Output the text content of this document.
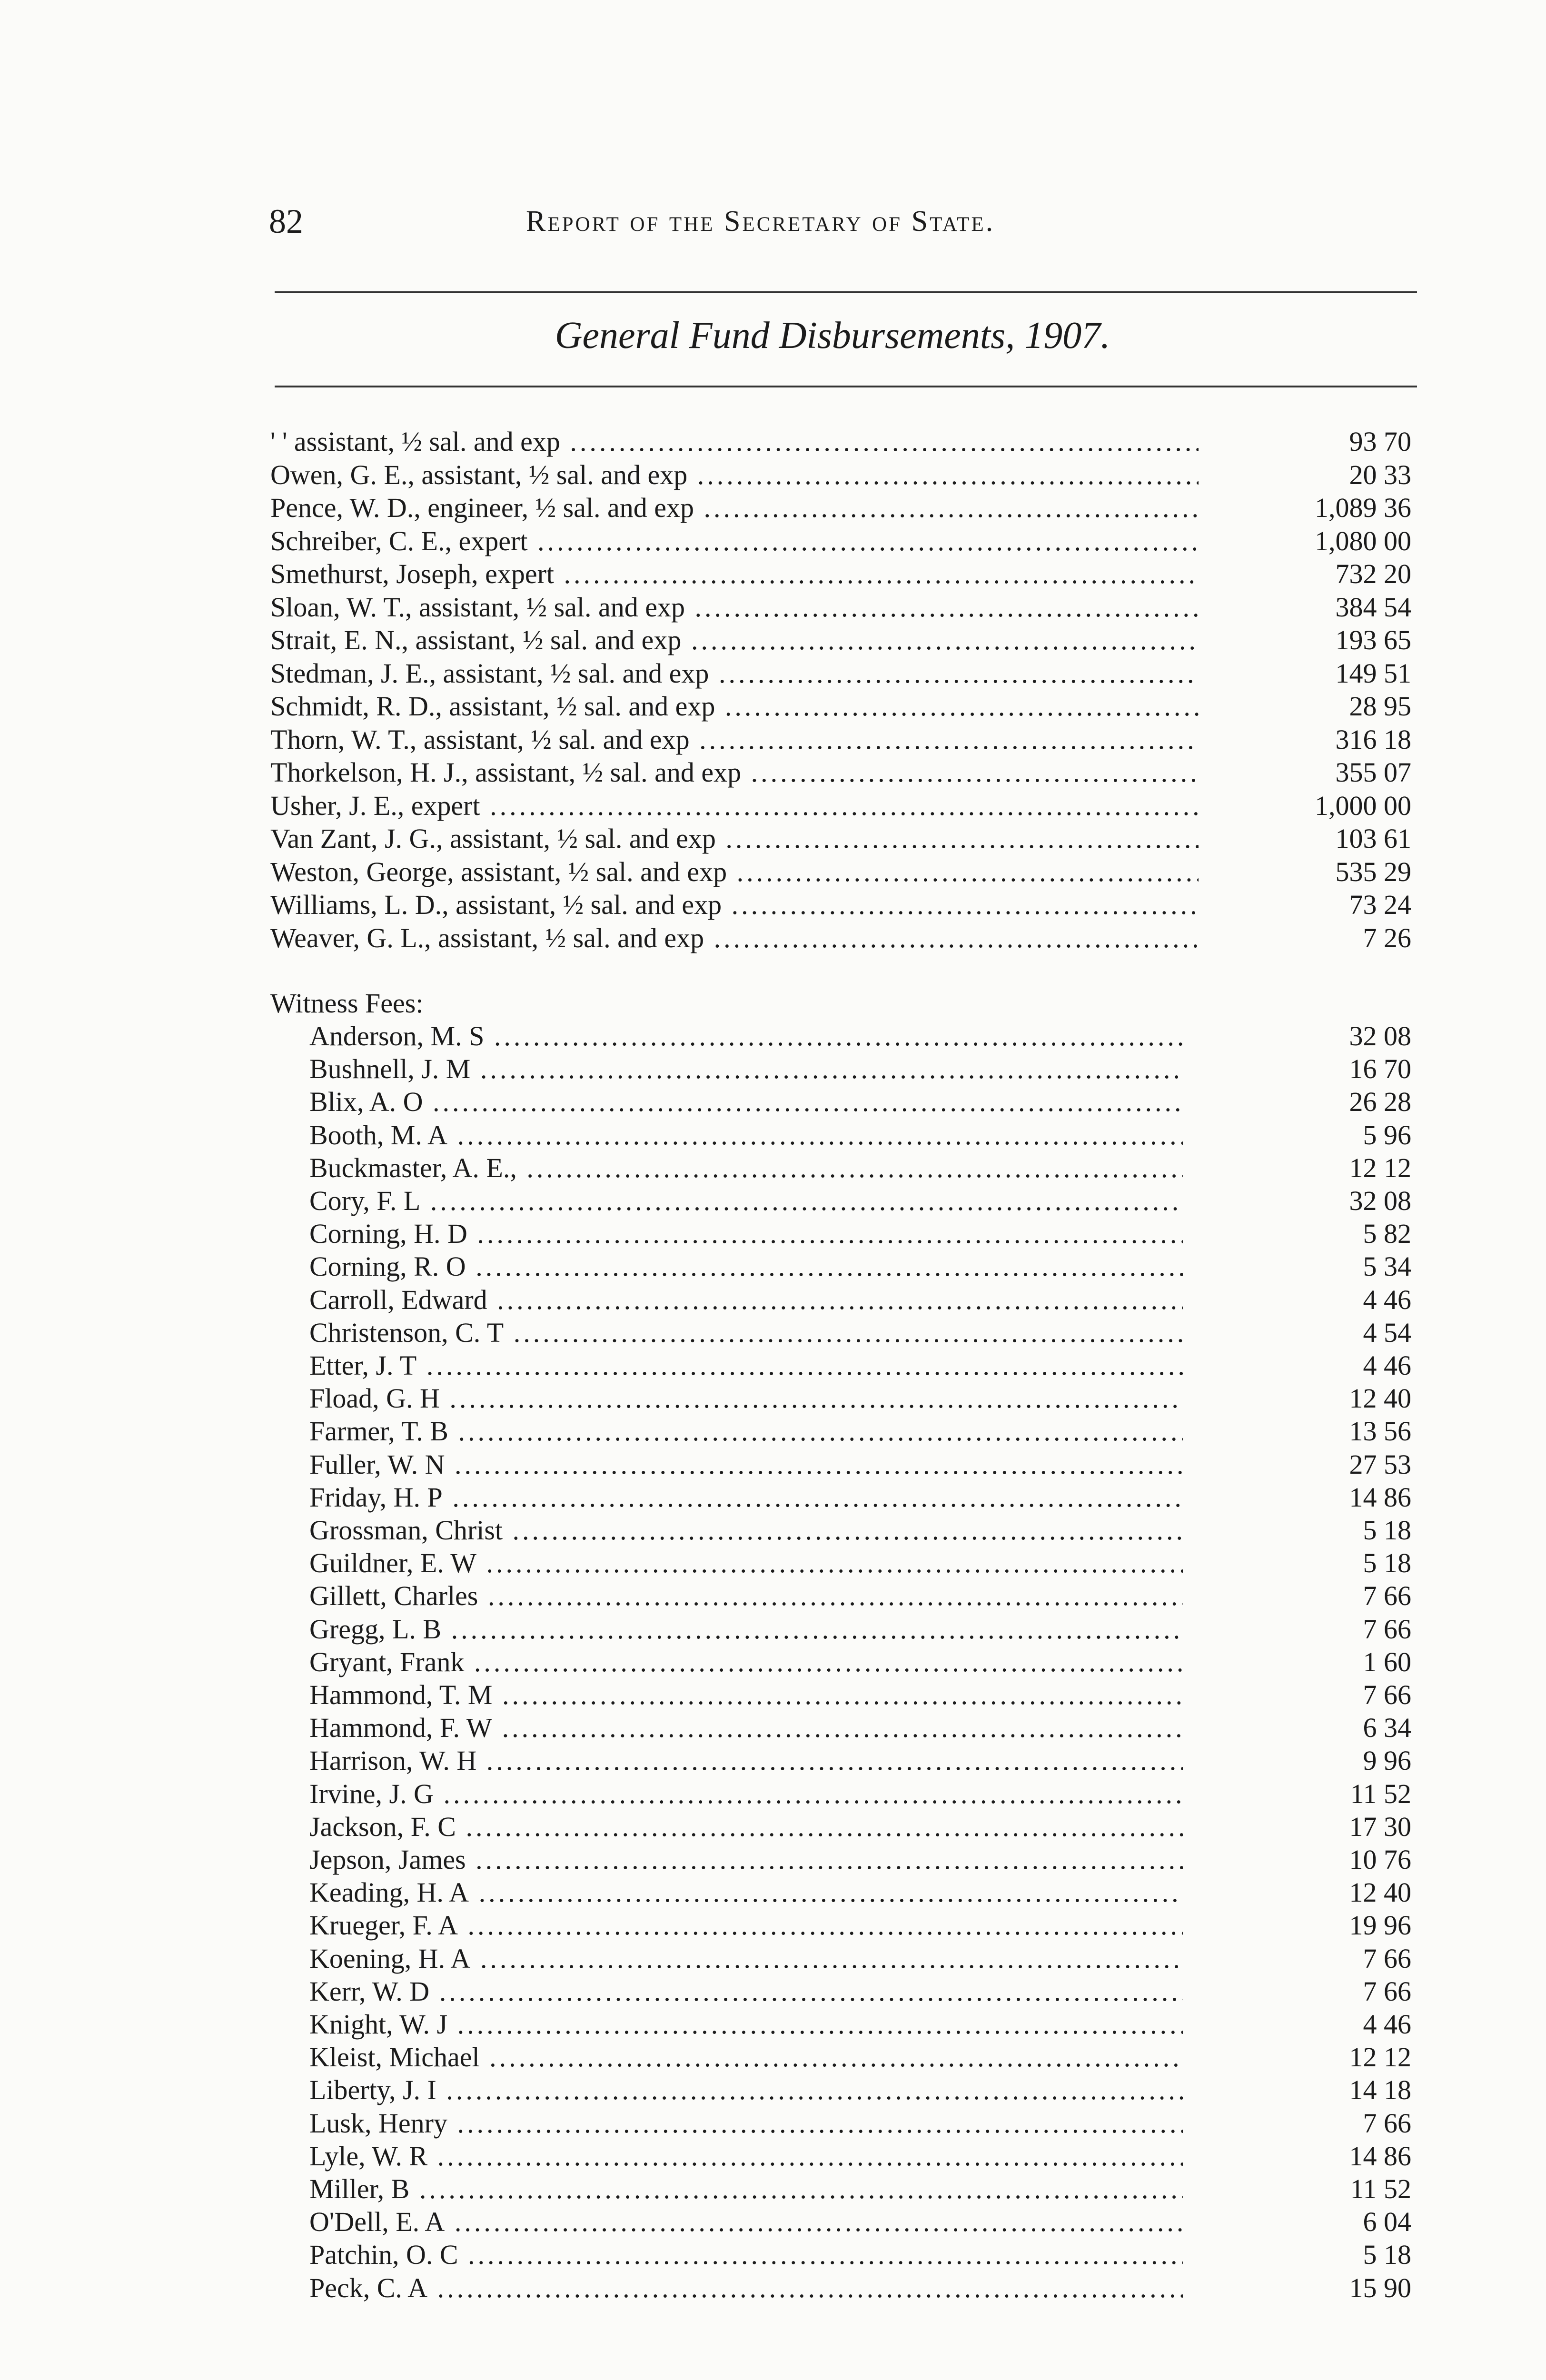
82	Report of the Secretary of State.
General Fund Disbursements, 1907.
' ' assistant, ½ sal. and exp .....	93 70
Owen, G. E., assistant, ½ sal. and exp .....	20 33
Pence, W. D., engineer, ½ sal. and exp .....	1,089 36
Schreiber, C. E., expert .....	1,080 00
Smethurst, Joseph, expert .....	732 20
Sloan, W. T., assistant, ½ sal. and exp .....	384 54
Strait, E. N., assistant, ½ sal. and exp .....	193 65
Stedman, J. E., assistant, ½ sal. and exp .....	149 51
Schmidt, R. D., assistant, ½ sal. and exp .....	28 95
Thorn, W. T., assistant, ½ sal. and exp .....	316 18
Thorkelson, H. J., assistant, ½ sal. and exp .....	355 07
Usher, J. E., expert .....	1,000 00
Van Zant, J. G., assistant, ½ sal. and exp .....	103 61
Weston, George, assistant, ½ sal. and exp .....	535 29
Williams, L. D., assistant, ½ sal. and exp .....	73 24
Weaver, G. L., assistant, ½ sal. and exp .....	7 26
Witness Fees:
Anderson, M. S .....	32 08
Bushnell, J. M .....	16 70
Blix, A. O .....	26 28
Booth, M. A .....	5 96
Buckmaster, A. E., .....	12 12
Cory, F. L .....	32 08
Corning, H. D .....	5 82
Corning, R. O .....	5 34
Carroll, Edward .....	4 46
Christenson, C. T .....	4 54
Etter, J. T .....	4 46
Fload, G. H .....	12 40
Farmer, T. B .....	13 56
Fuller, W. N .....	27 53
Friday, H. P .....	14 86
Grossman, Christ .....	5 18
Guildner, E. W .....	5 18
Gillett, Charles .....	7 66
Gregg, L. B .....	7 66
Gryant, Frank .....	1 60
Hammond, T. M .....	7 66
Hammond, F. W .....	6 34
Harrison, W. H .....	9 96
Irvine, J. G .....	11 52
Jackson, F. C .....	17 30
Jepson, James .....	10 76
Keading, H. A .....	12 40
Krueger, F. A .....	19 96
Koening, H. A .....	7 66
Kerr, W. D .....	7 66
Knight, W. J .....	4 46
Kleist, Michael .....	12 12
Liberty, J. I .....	14 18
Lusk, Henry .....	7 66
Lyle, W. R .....	14 86
Miller, B .....	11 52
O'Dell, E. A .....	6 04
Patchin, O. C .....	5 18
Peck, C. A .....	15 90
